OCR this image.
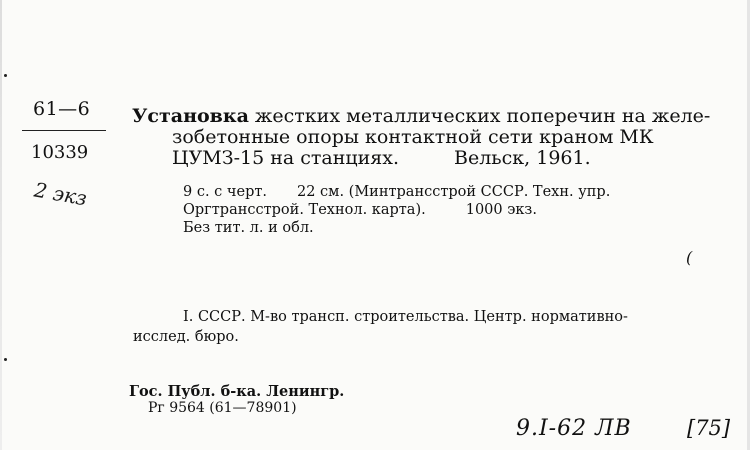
61—6
10339
2 экз
Установка жестких металлических поперечин на желе-
зобетонные опоры контактной сети краном МК
ЦУМЗ-15 на станциях.	Вельск, 1961.
9 с. с черт. 22 см. (Минтрансстрой СССР. Техн. упр.
Оргтрансстрой. Технол. карта).	1000 экз.
Без тит. л. и обл.
(
I. СССР. М-во трансп. строительства. Центр. нормативно-
исслед. бюро.
Гос. Публ. б-ка. Ленингр.
Рг 9564 (61—78901)
9.I-62 ЛВ	[75]
